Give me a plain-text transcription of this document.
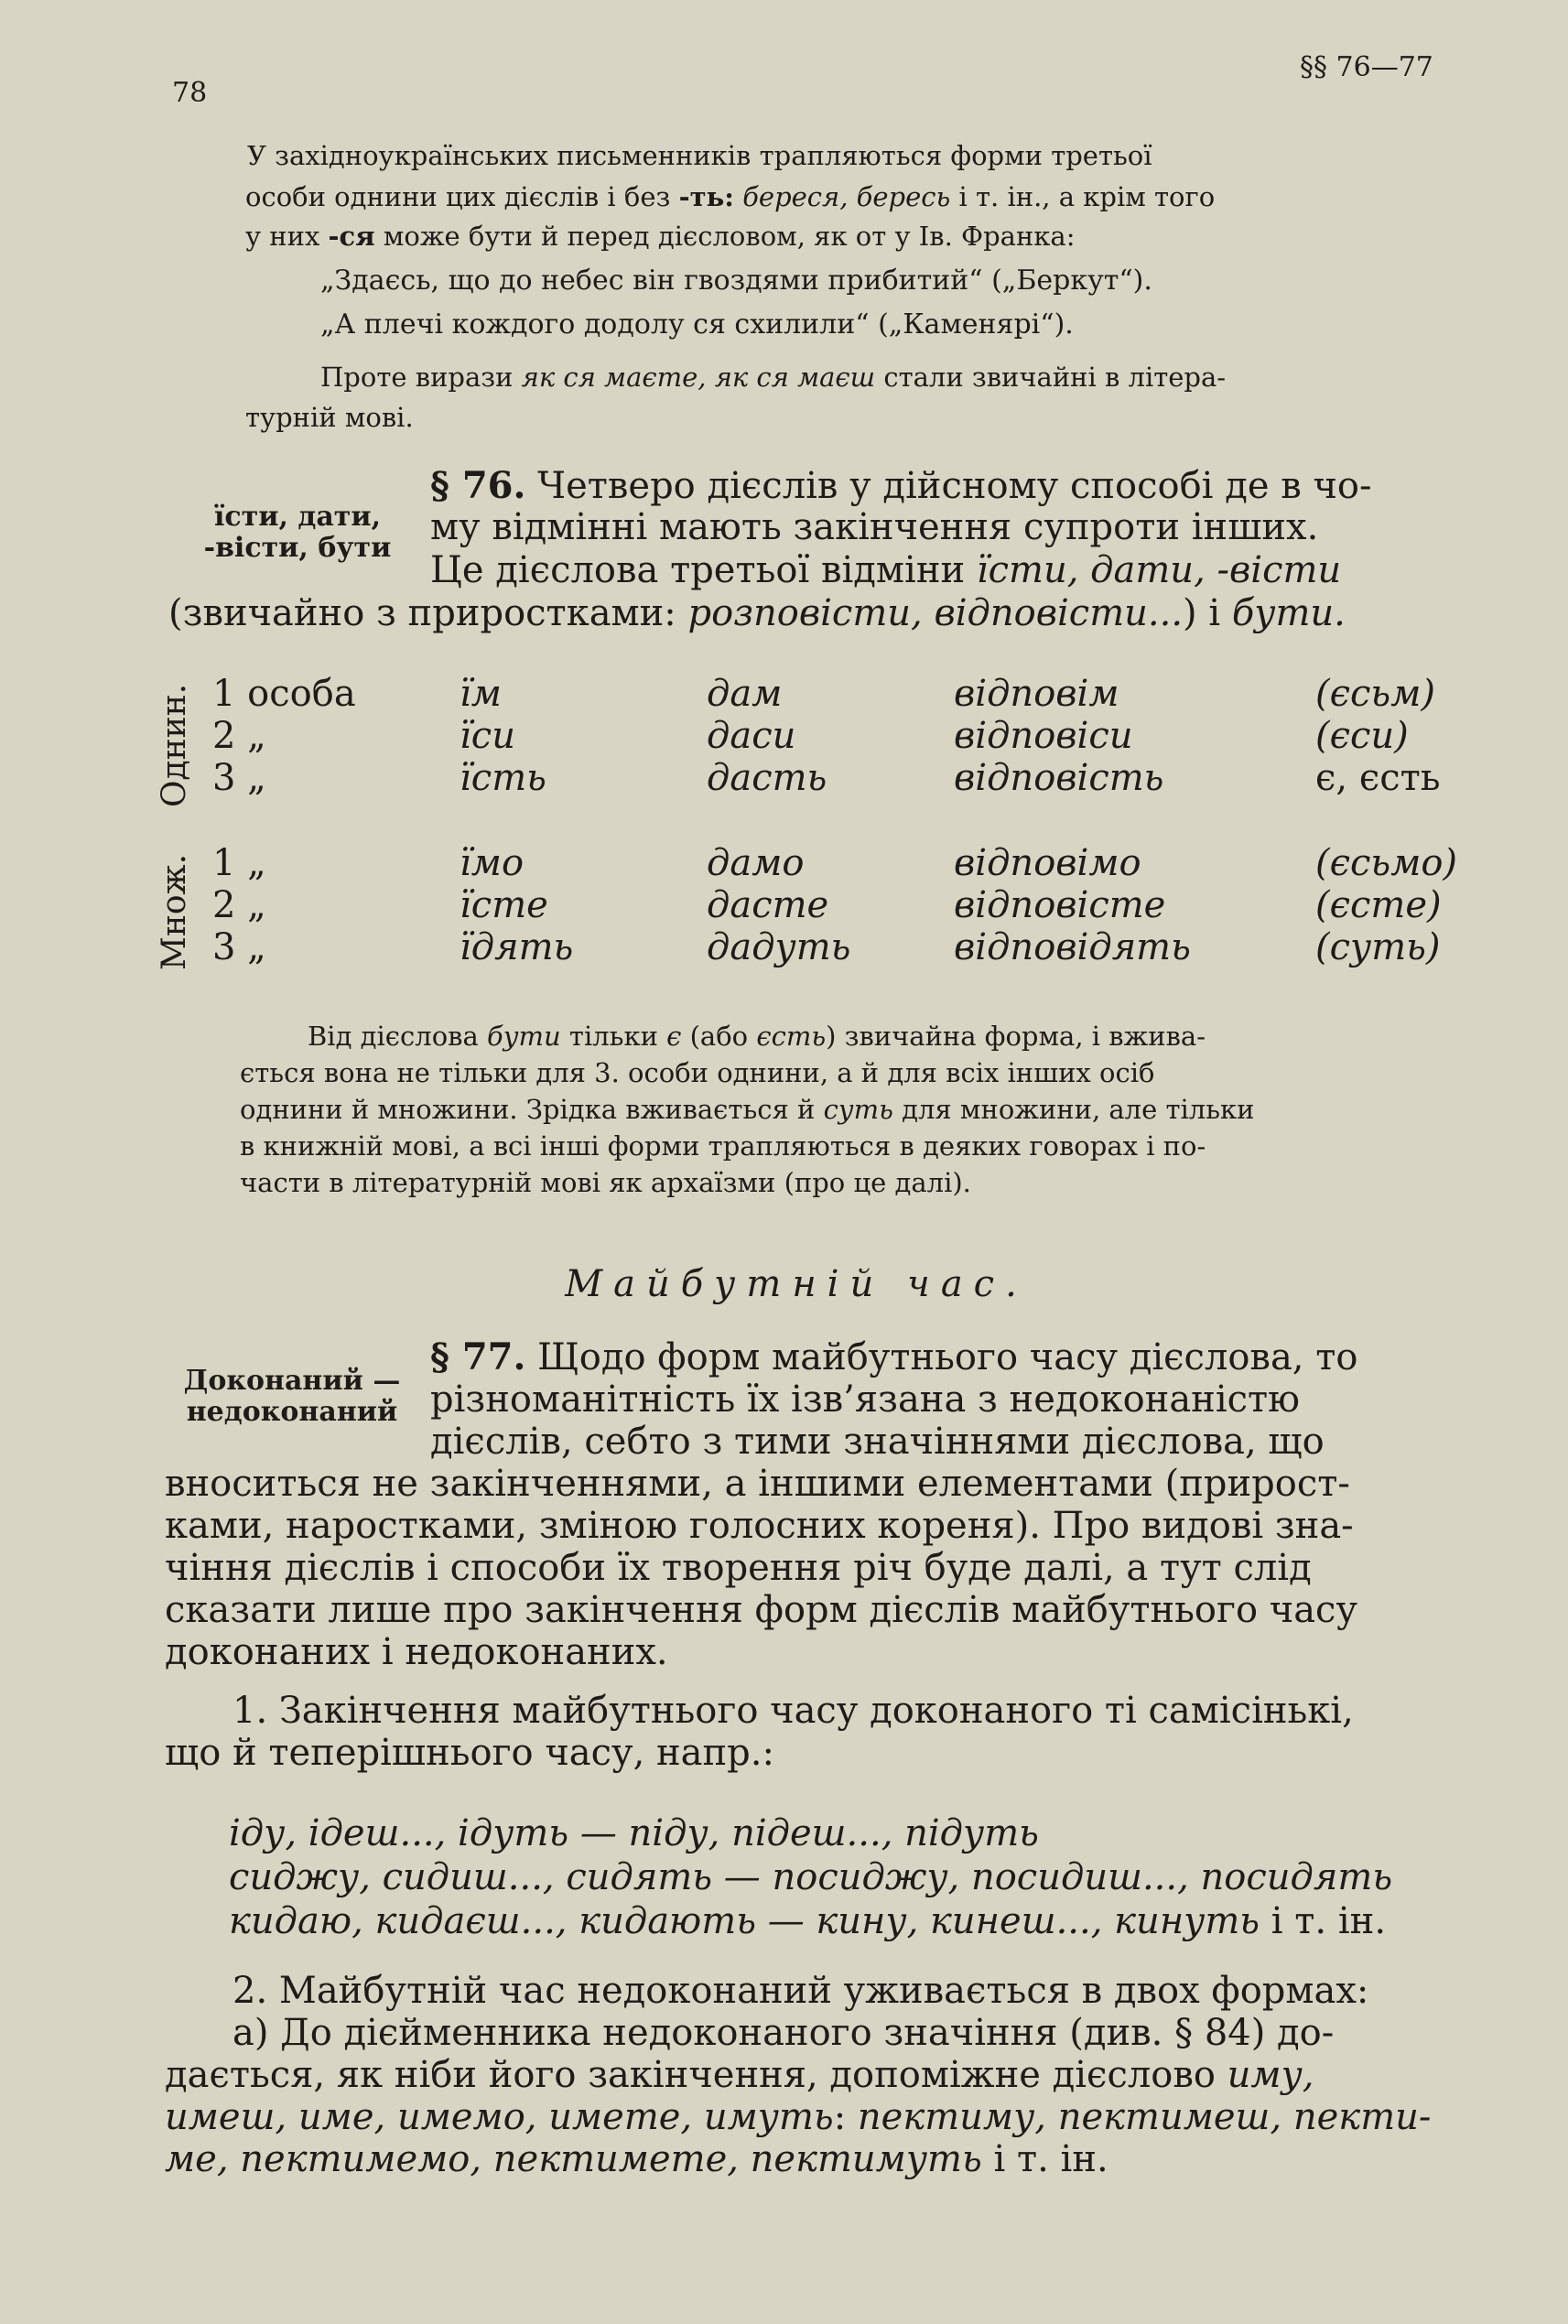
78
§§ 76—77
У західноукраїнських письменників трапляються форми третьої
особи однини цих дієслів і без -ть: берeся, берeсь і т. ін., а крім того
у них -ся може бути й перед дієсловом, як от у Ів. Франка:
„Здаєсь, що до небес він гвоздями прибитий“ („Беркут“).
„А плечі кождого додолу ся схилили“ („Каменярі“).
Проте вирази як ся маєте, як ся маєш стали звичайні в літера-
турній мові.
їсти, дати,
-вісти, бути
§ 76. Четверо дієслів у дійсному способі де в чо-
му відмінні мають закінчення супроти інших.
Це дієслова третьої відміни їсти, дати, -вісти
(звичайно з приростками: розповісти, відповісти...) і бути.
Однин.
Множ.
1 особа	їм	дам	відповім	(єсьм)
2 „	їси	даси	відповіси	(єси)
3 „	їсть	дасть	відповість	є, єсть
1 „	їмо	дамо	відповімо	(єсьмо)
2 „	їсте	дасте	відповісте	(єсте)
3 „	їдять	дадуть	відповідять	(суть)
Від дієслова бути тільки є (або єсть) звичайна форма, і вжива-
ється вона не тільки для 3. особи однини, а й для всіх інших осіб
однини й множини. Зрідка вживається й суть для множини, але тільки
в книжній мові, а всі інші форми трапляються в деяких говорах і по-
части в літературній мові як архаїзми (про це далі).
Майбутній час.
Доконаний —
недоконаний
§ 77. Щодо форм майбутнього часу дієслова, то
різноманітність їх ізв’язана з недоконаністю
дієслів, себто з тими значіннями дієслова, що
вноситься не закінченнями, а іншими елементами (прирост-
ками, наростками, зміною голосних кореня). Про видові зна-
чіння дієслів і способи їх творення річ буде далі, а тут слід
сказати лише про закінчення форм дієслів майбутнього часу
доконаних і недоконаних.
1. Закінчення майбутнього часу доконаного ті самісінькі,
що й теперішнього часу, напр.:
іду, ідеш..., ідуть — піду, підеш..., підуть
сиджу, сидиш..., сидять — посиджу, посидиш..., посидять
кидаю, кидаєш..., кидають — кину, кинеш..., кинуть і т. ін.
2. Майбутній час недоконаний уживається в двох формах:
а) До дієйменника недоконаного значіння (див. § 84) до-
дається, як ніби його закінчення, допоміжне дієслово иму,
имеш, име, имемо, имете, имуть: пектиму, пектимеш, пекти-
ме, пектимемо, пектимете, пектимуть і т. ін.
